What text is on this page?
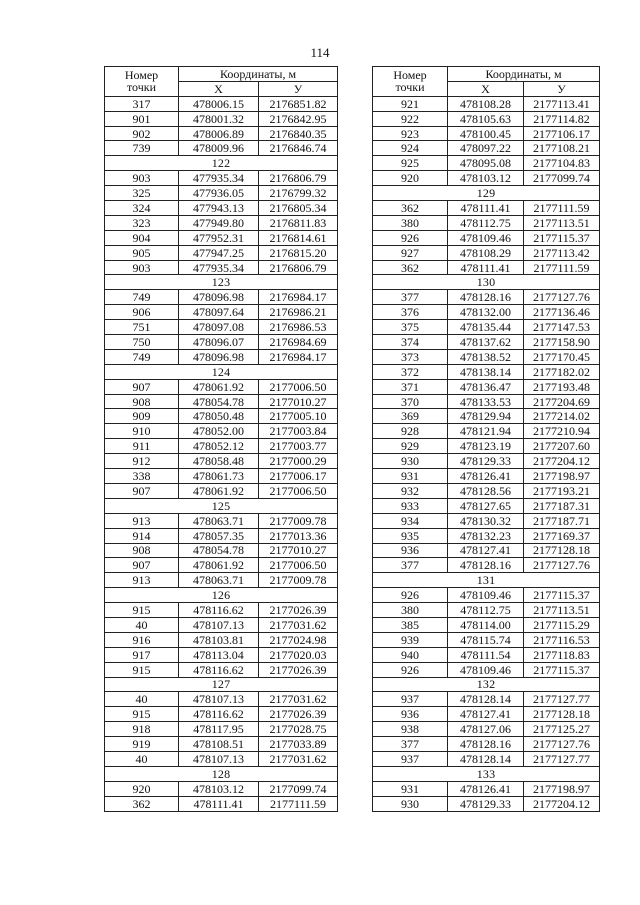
114
Номер
точки	Координаты, м	
	Х	У
317	478006.15	2176851.82
901	478001.32	2176842.95
902	478006.89	2176840.35
739	478009.96	2176846.74
122		
903	477935.34	2176806.79
325	477936.05	2176799.32
324	477943.13	2176805.34
323	477949.80	2176811.83
904	477952.31	2176814.61
905	477947.25	2176815.20
903	477935.34	2176806.79
123		
749	478096.98	2176984.17
906	478097.64	2176986.21
751	478097.08	2176986.53
750	478096.07	2176984.69
749	478096.98	2176984.17
124		
907	478061.92	2177006.50
908	478054.78	2177010.27
909	478050.48	2177005.10
910	478052.00	2177003.84
911	478052.12	2177003.77
912	478058.48	2177000.29
338	478061.73	2177006.17
907	478061.92	2177006.50
125		
913	478063.71	2177009.78
914	478057.35	2177013.36
908	478054.78	2177010.27
907	478061.92	2177006.50
913	478063.71	2177009.78
126		
915	478116.62	2177026.39
40	478107.13	2177031.62
916	478103.81	2177024.98
917	478113.04	2177020.03
915	478116.62	2177026.39
127		
40	478107.13	2177031.62
915	478116.62	2177026.39
918	478117.95	2177028.75
919	478108.51	2177033.89
40	478107.13	2177031.62
128		
920	478103.12	2177099.74
362	478111.41	2177111.59
Номер
точки	Координаты, м	
	Х	У
921	478108.28	2177113.41
922	478105.63	2177114.82
923	478100.45	2177106.17
924	478097.22	2177108.21
925	478095.08	2177104.83
920	478103.12	2177099.74
129		
362	478111.41	2177111.59
380	478112.75	2177113.51
926	478109.46	2177115.37
927	478108.29	2177113.42
362	478111.41	2177111.59
130		
377	478128.16	2177127.76
376	478132.00	2177136.46
375	478135.44	2177147.53
374	478137.62	2177158.90
373	478138.52	2177170.45
372	478138.14	2177182.02
371	478136.47	2177193.48
370	478133.53	2177204.69
369	478129.94	2177214.02
928	478121.94	2177210.94
929	478123.19	2177207.60
930	478129.33	2177204.12
931	478126.41	2177198.97
932	478128.56	2177193.21
933	478127.65	2177187.31
934	478130.32	2177187.71
935	478132.23	2177169.37
936	478127.41	2177128.18
377	478128.16	2177127.76
131		
926	478109.46	2177115.37
380	478112.75	2177113.51
385	478114.00	2177115.29
939	478115.74	2177116.53
940	478111.54	2177118.83
926	478109.46	2177115.37
132		
937	478128.14	2177127.77
936	478127.41	2177128.18
938	478127.06	2177125.27
377	478128.16	2177127.76
937	478128.14	2177127.77
133		
931	478126.41	2177198.97
930	478129.33	2177204.12
